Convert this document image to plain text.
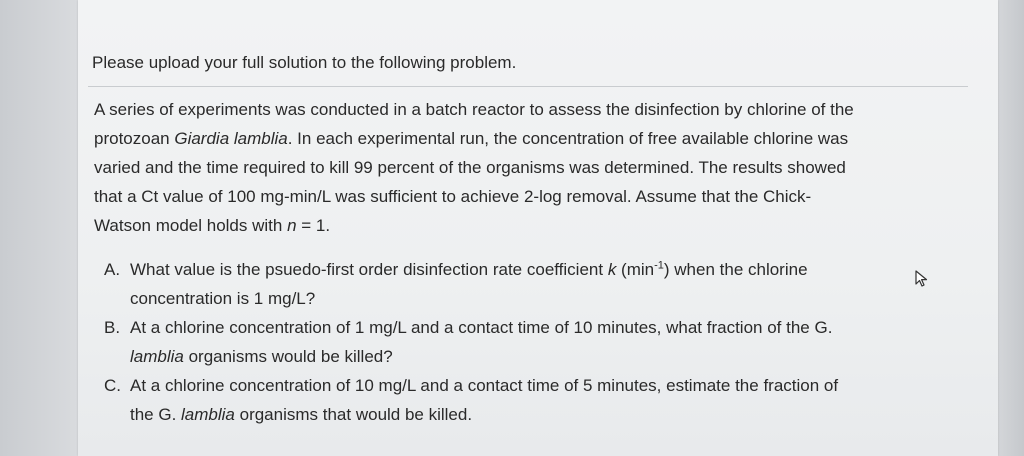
Please upload your full solution to the following problem.
A series of experiments was conducted in a batch reactor to assess the disinfection by chlorine of the
protozoan Giardia lamblia. In each experimental run, the concentration of free available chlorine was
varied and the time required to kill 99 percent of the organisms was determined. The results showed
that a Ct value of 100 mg-min/L was sufficient to achieve 2-log removal. Assume that the Chick-
Watson model holds with n = 1.
A. What value is the psuedo-first order disinfection rate coefficient k $(\min^{-1})$ when the chlorine
concentration is 1 mg/L?
B. At a chlorine concentration of 1 mg/L and a contact time of 10 minutes, what fraction of the G.
lamblia organisms would be killed?
C. At a chlorine concentration of 10 mg/L and a contact time of 5 minutes, estimate the fraction of
the G. lamblia organisms that would be killed.
